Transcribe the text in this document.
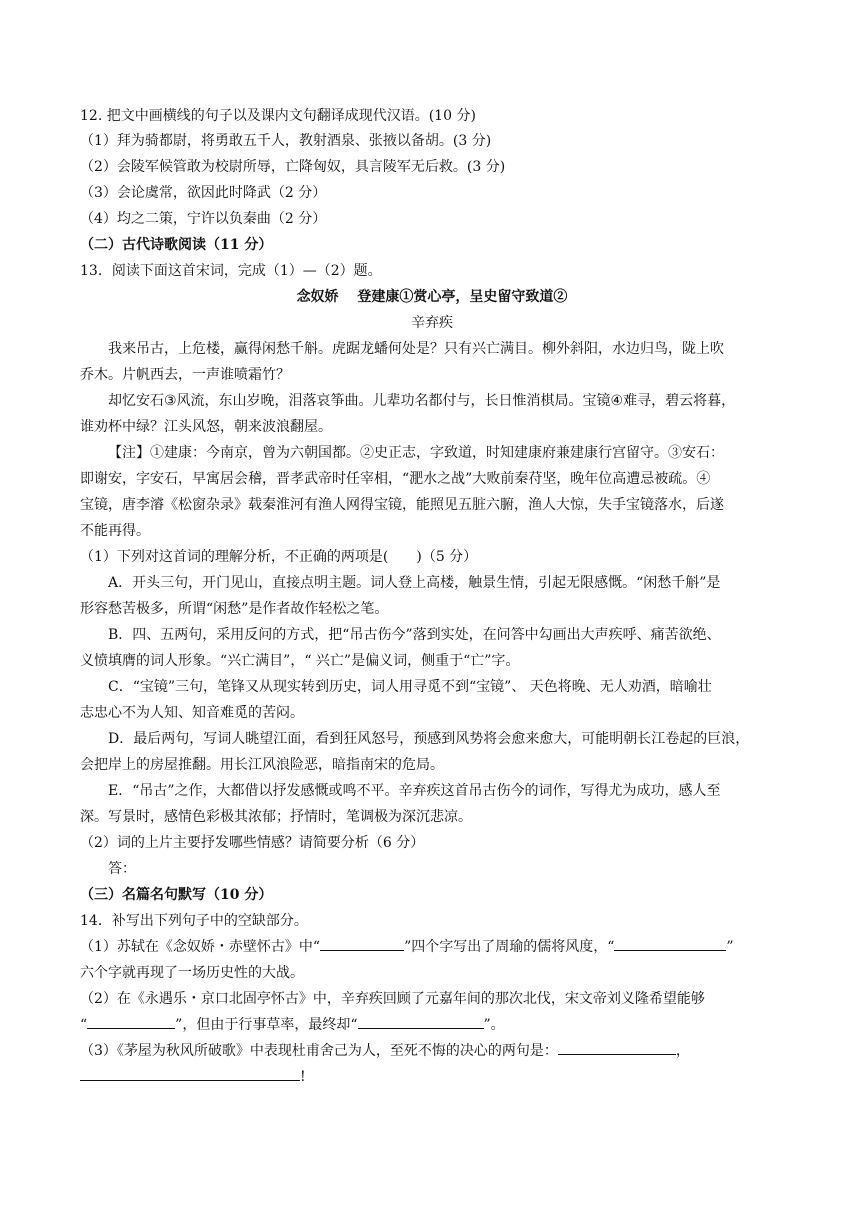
12. 把文中画横线的句子以及课内文句翻译成现代汉语。(10 分)
（1）拜为骑都尉，将勇敢五千人，教射酒泉、张掖以备胡。(3 分)
（2）会陵军候管敢为校尉所辱，亡降匈奴，具言陵军无后救。(3 分)
（3）会论虞常，欲因此时降武（2 分）
（4）均之二策，宁许以负秦曲（2 分）
（二）古代诗歌阅读（11 分）
13．阅读下面这首宋词，完成（1）—（2）题。
念奴娇　 登建康①赏心亭，呈史留守致道②
辛弃疾
我来吊古，上危楼，赢得闲愁千斛。虎踞龙蟠何处是？只有兴亡满目。柳外斜阳，水边归鸟，陇上吹
乔木。片帆西去，一声谁喷霜竹？
却忆安石③风流，东山岁晚，泪落哀筝曲。儿辈功名都付与，长日惟消棋局。宝镜④难寻，碧云将暮，
谁劝杯中绿？江头风怒，朝来波浪翻屋。
【注】①建康：今南京，曾为六朝国都。②史正志，字致道，时知建康府兼建康行宫留守。③安石：
即谢安，字安石，早寓居会稽，晋孝武帝时任宰相，“淝水之战”大败前秦苻坚，晚年位高遭忌被疏。④
宝镜，唐李濬《松窗杂录》载秦淮河有渔人网得宝镜，能照见五脏六腑，渔人大惊，失手宝镜落水，后遂
不能再得。
（1）下列对这首词的理解分析，不正确的两项是(　　)（5 分）
A．开头三句，开门见山，直接点明主题。词人登上高楼，触景生情，引起无限感慨。“闲愁千斛”是
形容愁苦极多，所谓“闲愁”是作者故作轻松之笔。
B．四、五两句，采用反问的方式，把“吊古伤今”落到实处，在问答中勾画出大声疾呼、痛苦欲绝、
义愤填膺的词人形象。“兴亡满目”，“ 兴亡”是偏义词，侧重于“亡”字。
C．“宝镜”三句，笔锋又从现实转到历史，词人用寻觅不到“宝镜”、 天色将晚、无人劝酒，暗喻壮
志忠心不为人知、知音难觅的苦闷。
D．最后两句，写词人眺望江面，看到狂风怒号，预感到风势将会愈来愈大，可能明朝长江卷起的巨浪，
会把岸上的房屋推翻。用长江风浪险恶，暗指南宋的危局。
E．“吊古”之作，大都借以抒发感慨或鸣不平。辛弃疾这首吊古伤今的词作，写得尤为成功，感人至
深。写景时，感情色彩极其浓郁；抒情时，笔调极为深沉悲凉。
（2）词的上片主要抒发哪些情感？请简要分析（6 分）
答：
（三）名篇名句默写（10 分）
14．补写出下列句子中的空缺部分。
（1）苏轼在《念奴娇・赤壁怀古》中“	”四个字写出了周瑜的儒将风度，“	”
六个字就再现了一场历史性的大战。
（2）在《永遇乐・京口北固亭怀古》中，辛弃疾回顾了元嘉年间的那次北伐，宋文帝刘义隆希望能够
“	”，但由于行事草率，最终却“	”。
（3）《茅屋为秋风所破歌》中表现杜甫舍己为人，至死不悔的决心的两句是：	，
!
